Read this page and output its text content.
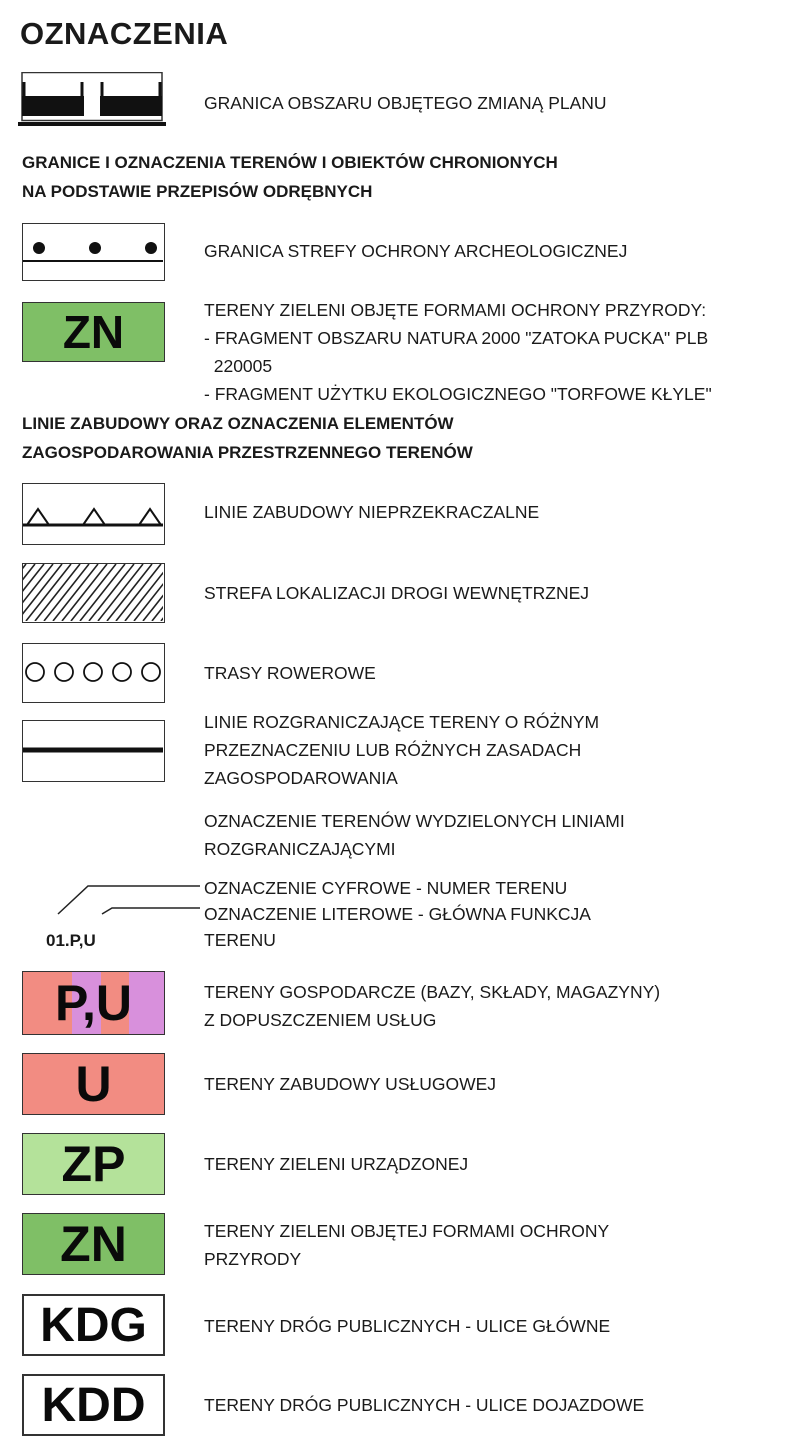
OZNACZENIA
GRANICA OBSZARU OBJĘTEGO ZMIANĄ PLANU
GRANICE I OZNACZENIA TERENÓW I OBIEKTÓW CHRONIONYCH
NA PODSTAWIE PRZEPISÓW ODRĘBNYCH
GRANICA STREFY OCHRONY ARCHEOLOGICZNEJ
ZN	TERENY ZIELENI OBJĘTE FORMAMI OCHRONY PRZYRODY:
- FRAGMENT OBSZARU NATURA 2000 "ZATOKA PUCKA" PLB
220005
- FRAGMENT UŻYTKU EKOLOGICZNEGO "TORFOWE KŁYLE"
LINIE ZABUDOWY ORAZ OZNACZENIA ELEMENTÓW
ZAGOSPODAROWANIA PRZESTRZENNEGO TERENÓW
LINIE ZABUDOWY NIEPRZEKRACZALNE
STREFA LOKALIZACJI DROGI WEWNĘTRZNEJ
TRASY ROWEROWE
LINIE ROZGRANICZAJĄCE TERENY O RÓŻNYM
PRZEZNACZENIU LUB RÓŻNYCH ZASADACH
ZAGOSPODAROWANIA
OZNACZENIE TERENÓW WYDZIELONYCH LINIAMI
ROZGRANICZAJĄCYMI
01.P,U
OZNACZENIE CYFROWE - NUMER TERENU
OZNACZENIE LITEROWE - GŁÓWNA FUNKCJA
TERENU
P,U	TERENY GOSPODARCZE (BAZY, SKŁADY, MAGAZYNY)
Z DOPUSZCZENIEM USŁUG
U	TERENY ZABUDOWY USŁUGOWEJ
ZP	TERENY ZIELENI URZĄDZONEJ
ZN	TERENY ZIELENI OBJĘTEJ FORMAMI OCHRONY
PRZYRODY
KDG	TERENY DRÓG PUBLICZNYCH - ULICE GŁÓWNE
KDD	TERENY DRÓG PUBLICZNYCH - ULICE DOJAZDOWE
